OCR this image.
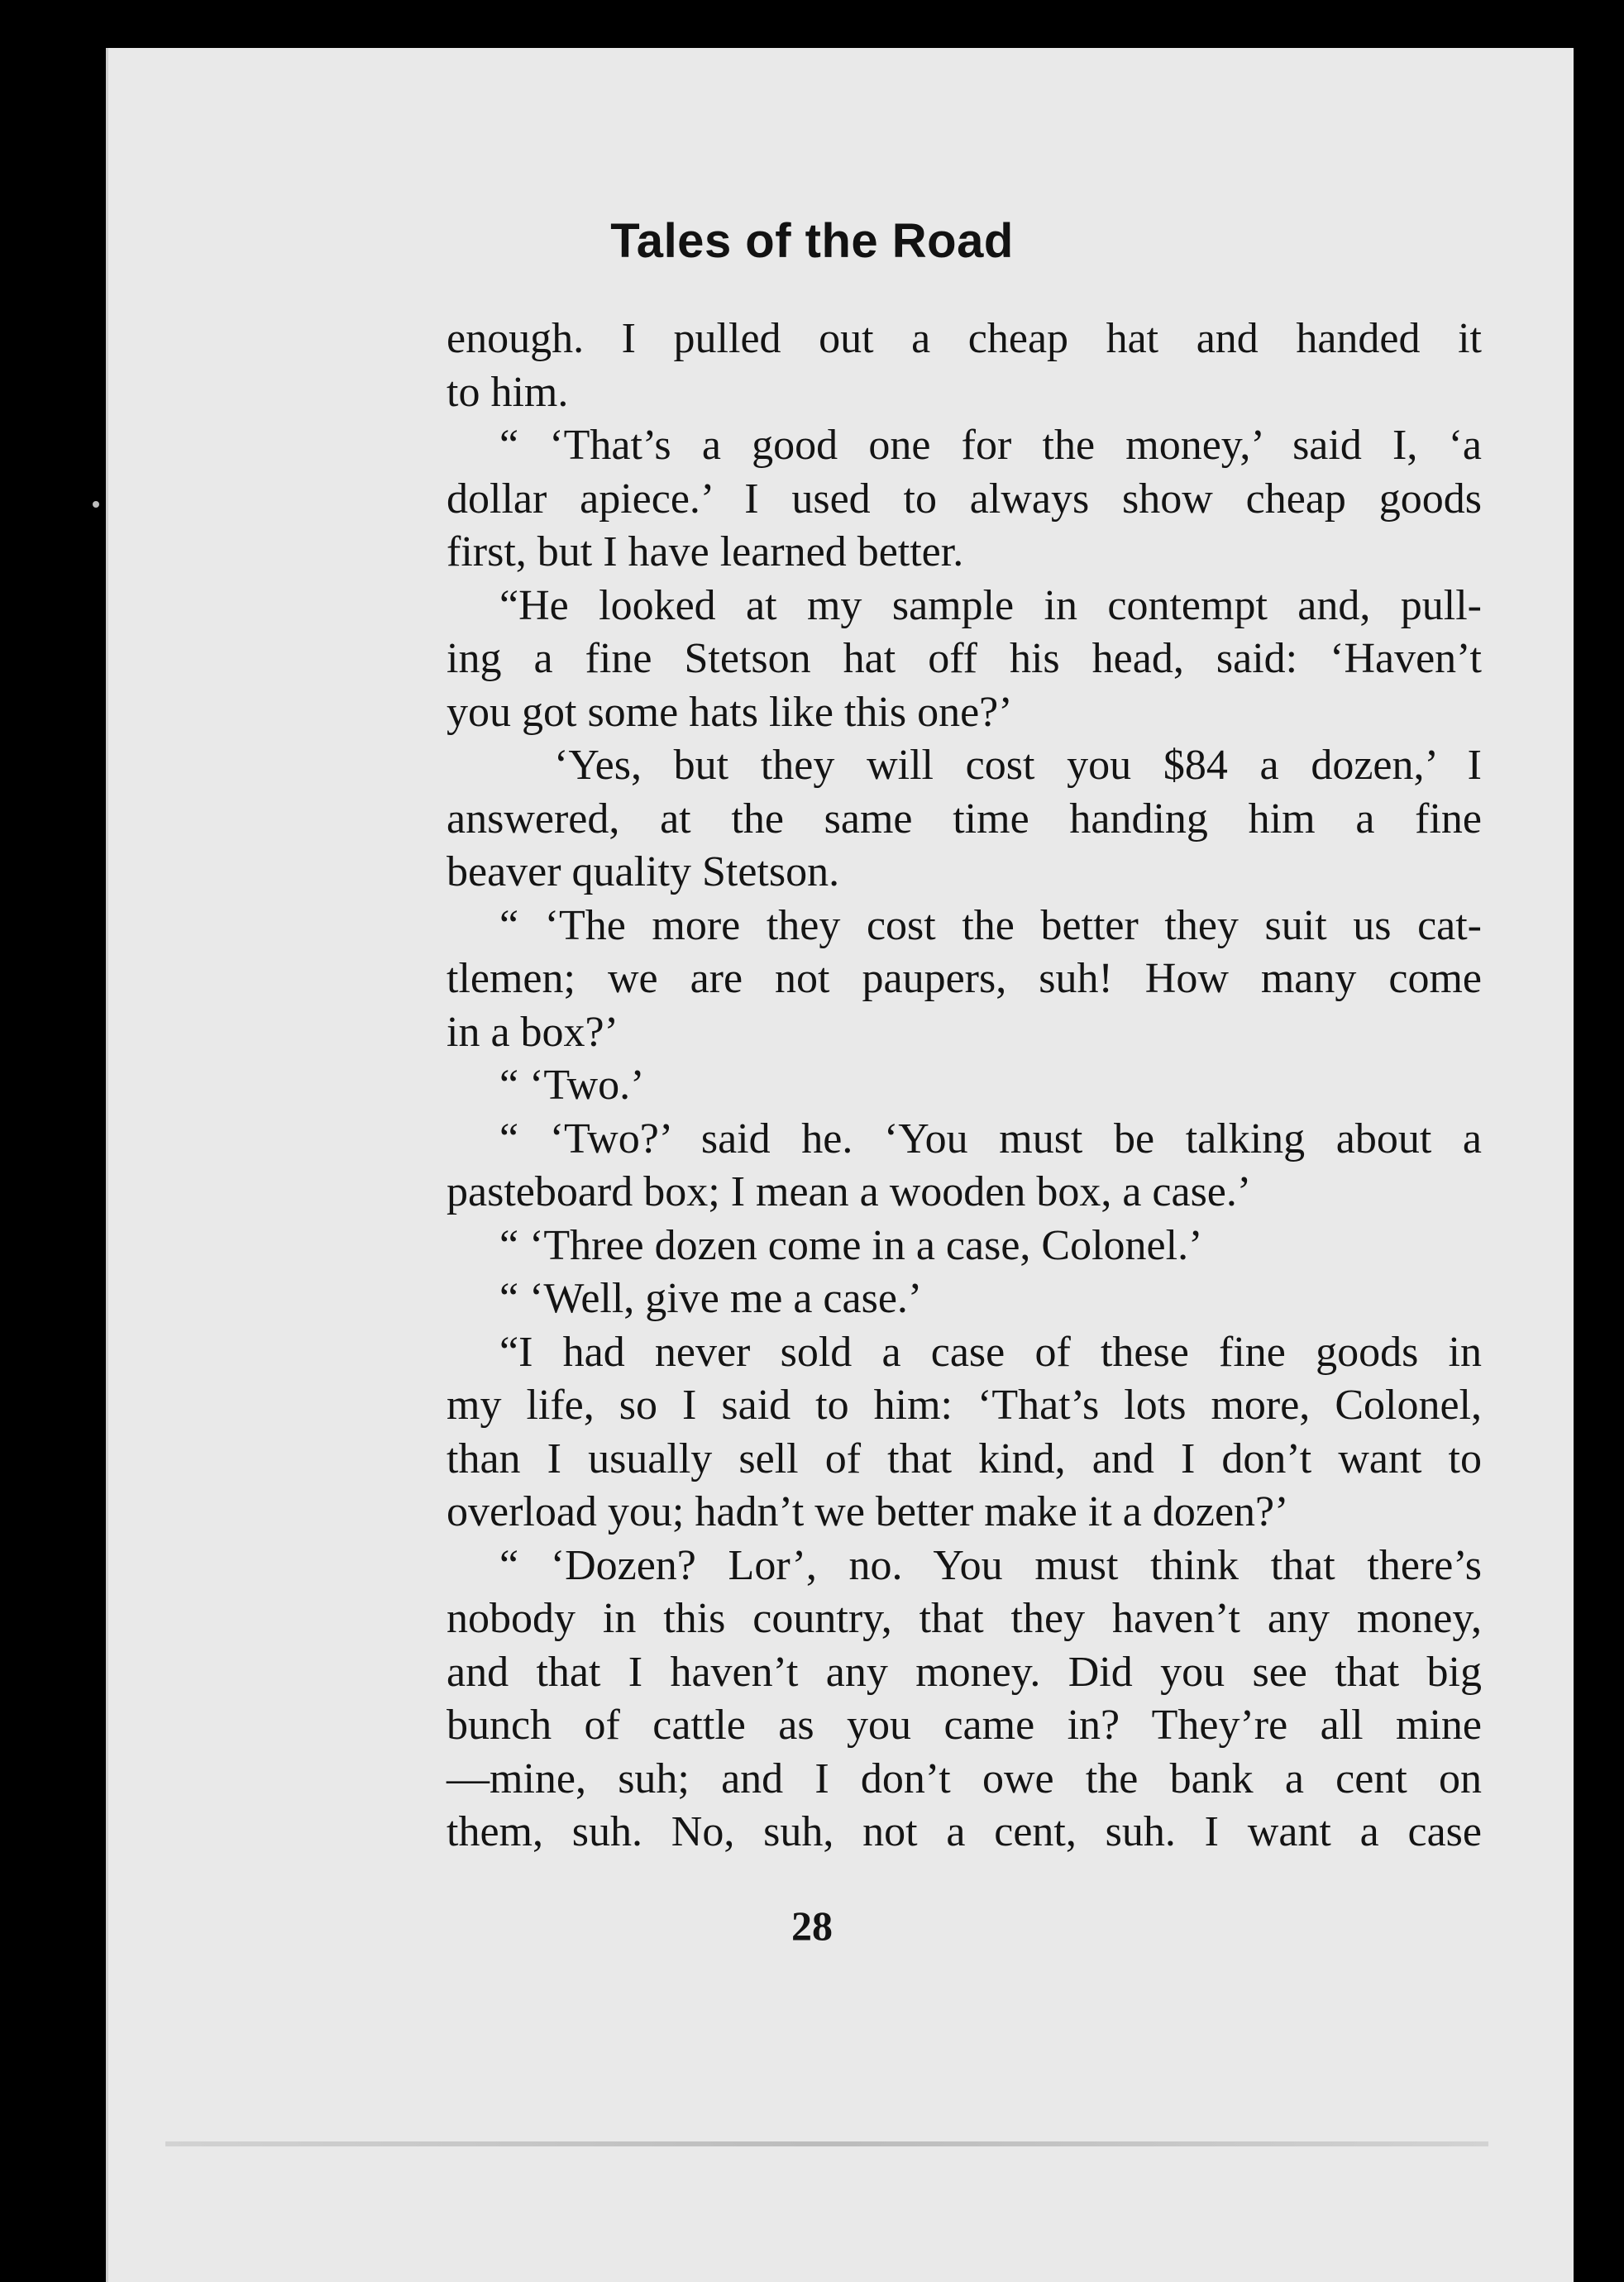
Tales of the Road
enough. I pulled out a cheap hat and handed it
to him.
“ ‘That’s a good one for the money,’ said I, ‘a
dollar apiece.’ I used to always show cheap goods
first, but I have learned better.
“He looked at my sample in contempt and, pull-
ing a fine Stetson hat off his head, said: ‘Haven’t
you got some hats like this one?’
‘Yes, but they will cost you $84 a dozen,’ I
answered, at the same time handing him a fine
beaver quality Stetson.
“ ‘The more they cost the better they suit us cat-
tlemen; we are not paupers, suh! How many come
in a box?’
“ ‘Two.’
“ ‘Two?’ said he. ‘You must be talking about a
pasteboard box; I mean a wooden box, a case.’
“ ‘Three dozen come in a case, Colonel.’
“ ‘Well, give me a case.’
“I had never sold a case of these fine goods in
my life, so I said to him: ‘That’s lots more, Colonel,
than I usually sell of that kind, and I don’t want to
overload you; hadn’t we better make it a dozen?’
“ ‘Dozen? Lor’, no. You must think that there’s
nobody in this country, that they haven’t any money,
and that I haven’t any money. Did you see that big
bunch of cattle as you came in? They’re all mine
—mine, suh; and I don’t owe the bank a cent on
them, suh. No, suh, not a cent, suh. I want a case
28
